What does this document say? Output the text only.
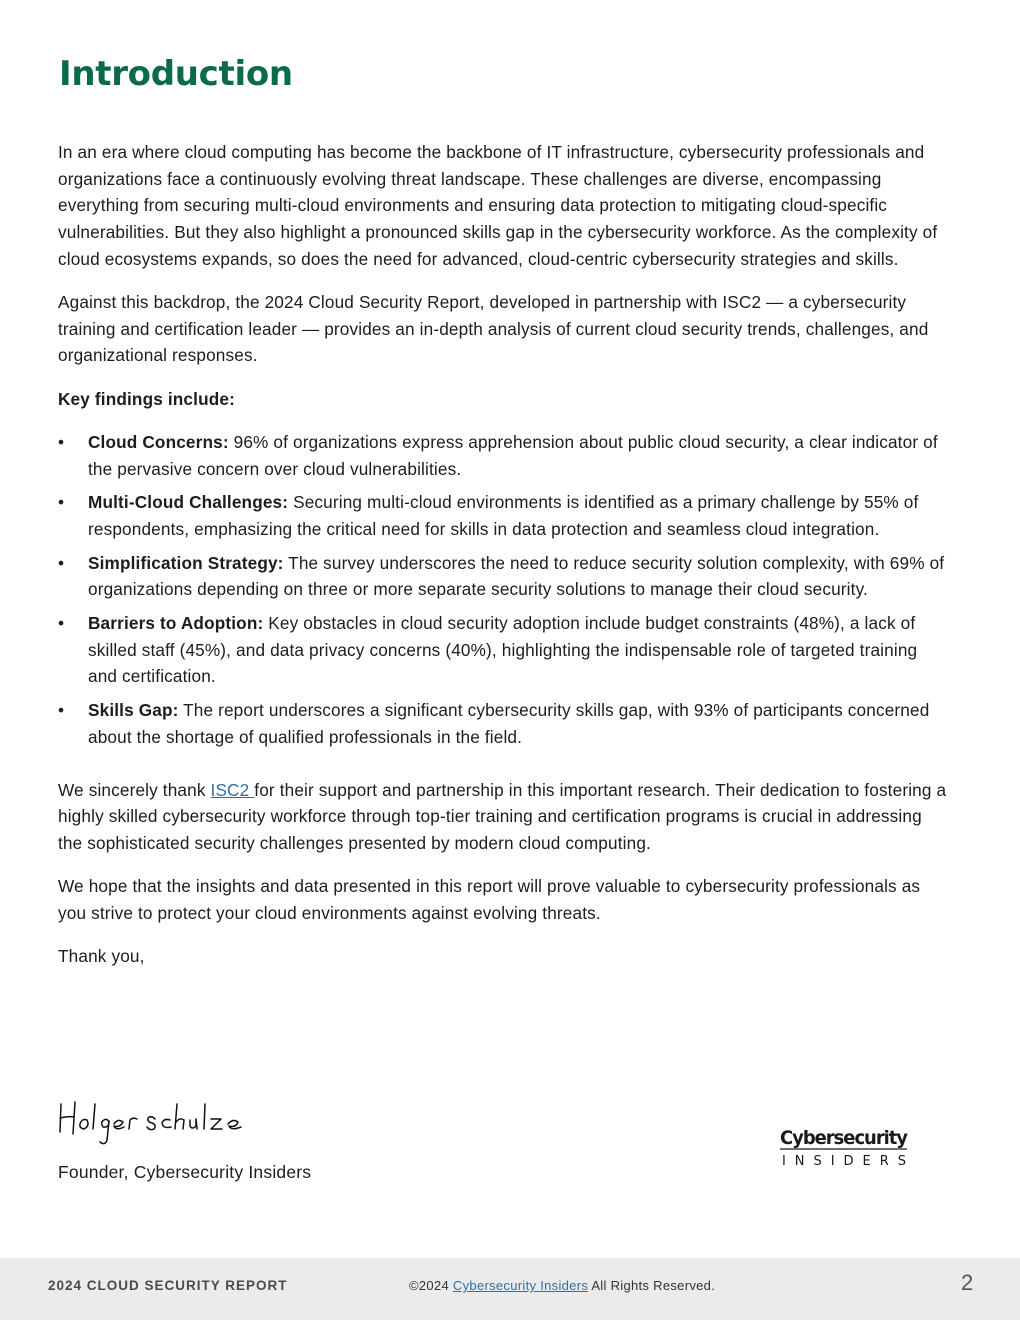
Introduction

In an era where cloud computing has become the backbone of IT infrastructure, cybersecurity professionals and organizations face a continuously evolving threat landscape. These challenges are diverse, encompassing everything from securing multi-cloud environments and ensuring data protection to mitigating cloud-specific vulnerabilities. But they also highlight a pronounced skills gap in the cybersecurity workforce. As the complexity of cloud ecosystems expands, so does the need for advanced, cloud-centric cybersecurity strategies and skills.

Against this backdrop, the 2024 Cloud Security Report, developed in partnership with ISC2 — a cybersecurity training and certification leader — provides an in-depth analysis of current cloud security trends, challenges, and organizational responses.

Key findings include:

• Cloud Concerns: 96% of organizations express apprehension about public cloud security, a clear indicator of the pervasive concern over cloud vulnerabilities.
• Multi-Cloud Challenges: Securing multi-cloud environments is identified as a primary challenge by 55% of respondents, emphasizing the critical need for skills in data protection and seamless cloud integration.
• Simplification Strategy: The survey underscores the need to reduce security solution complexity, with 69% of organizations depending on three or more separate security solutions to manage their cloud security.
• Barriers to Adoption: Key obstacles in cloud security adoption include budget constraints (48%), a lack of skilled staff (45%), and data privacy concerns (40%), highlighting the indispensable role of targeted training and certification.
• Skills Gap: The report underscores a significant cybersecurity skills gap, with 93% of participants concerned about the shortage of qualified professionals in the field.

We sincerely thank ISC2 for their support and partnership in this important research. Their dedication to fostering a highly skilled cybersecurity workforce through top-tier training and certification programs is crucial in addressing the sophisticated security challenges presented by modern cloud computing.

We hope that the insights and data presented in this report will prove valuable to cybersecurity professionals as you strive to protect your cloud environments against evolving threats.

Thank you,

Founder, Cybersecurity Insiders
Cybersecurity
INSIDERS
2024 CLOUD SECURITY REPORT	©2024 Cybersecurity Insiders All Rights Reserved.	2
